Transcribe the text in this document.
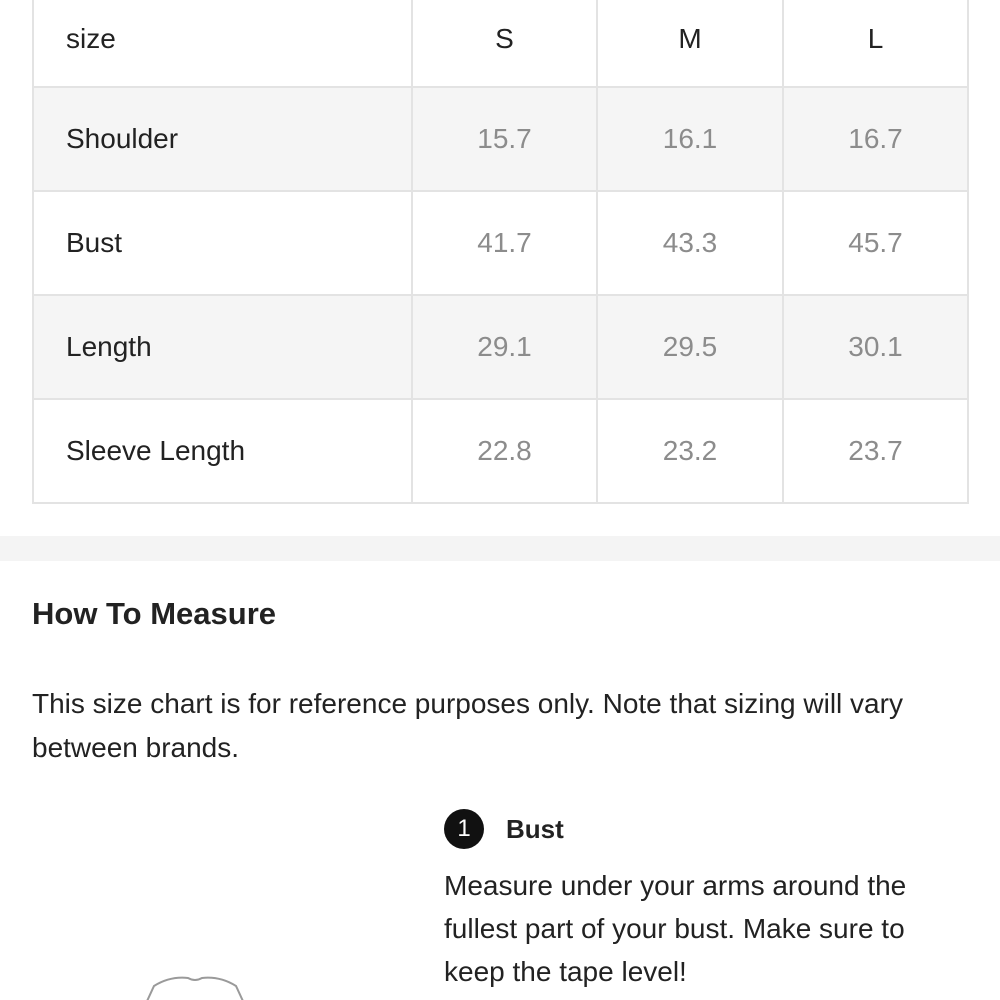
size	S	M	L
Shoulder	15.7	16.1	16.7
Bust	41.7	43.3	45.7
Length	29.1	29.5	30.1
Sleeve Length	22.8	23.2	23.7
How To Measure

This size chart is for reference purposes only. Note that sizing will vary between brands.

1	Bust

Measure under your arms around the fullest part of your bust. Make sure to keep the tape level!
